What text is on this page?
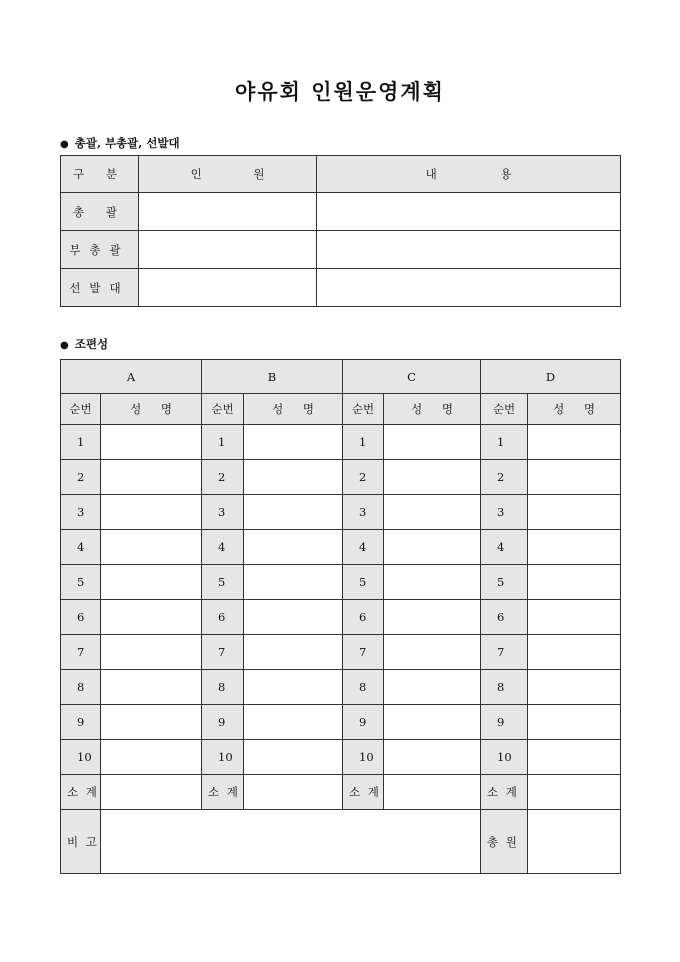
야유회 인원운영계획
● 총괄, 부총괄, 선발대
구 분	인 원	내 용
총 괄		
부총괄		
선발대		
● 조편성
A		B		C		D	
순번	성 명	순번	성 명	순번	성 명	순번	성 명
1		1		1		1	
2		2		2		2	
3		3		3		3	
4		4		4		4	
5		5		5		5	
6		6		6		6	
7		7		7		7	
8		8		8		8	
9		9		9		9	
10		10		10		10	
소 계		소 계		소 계		소 계	
비 고						총 원	
